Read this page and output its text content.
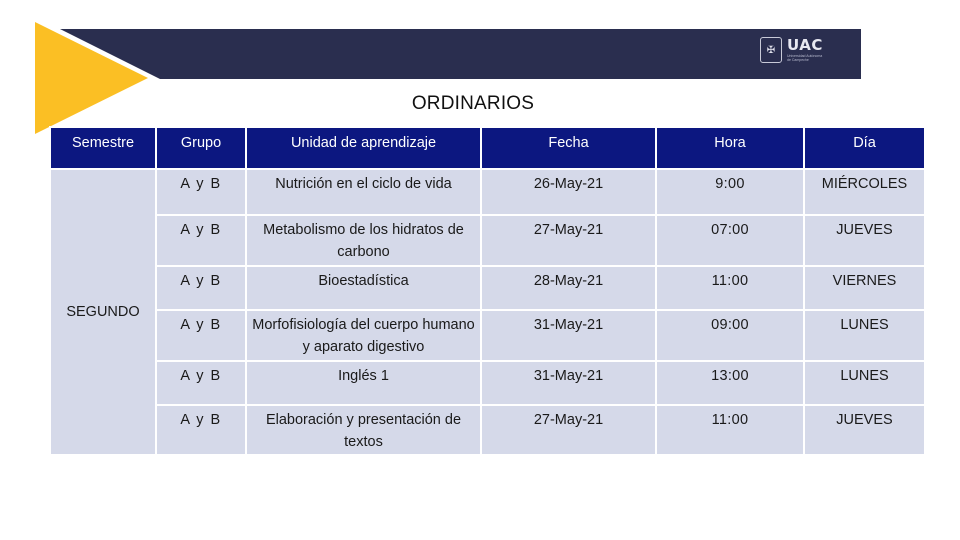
✠ UAC
Universidad Autónoma de Campeche
ORDINARIOS
Semestre	Grupo	Unidad de aprendizaje	Fecha	Hora	Día
SEGUNDO	A y B	Nutrición en el ciclo de vida	26-May-21	9:00	MIÉRCOLES
	A y B	Metabolismo de los hidratos de carbono	27-May-21	07:00	JUEVES
	A y B	Bioestadística	28-May-21	11:00	VIERNES
	A y B	Morfofisiología del cuerpo humano y aparato digestivo	31-May-21	09:00	LUNES
	A y B	Inglés 1	31-May-21	13:00	LUNES
	A y B	Elaboración y presentación de textos	27-May-21	11:00	JUEVES
